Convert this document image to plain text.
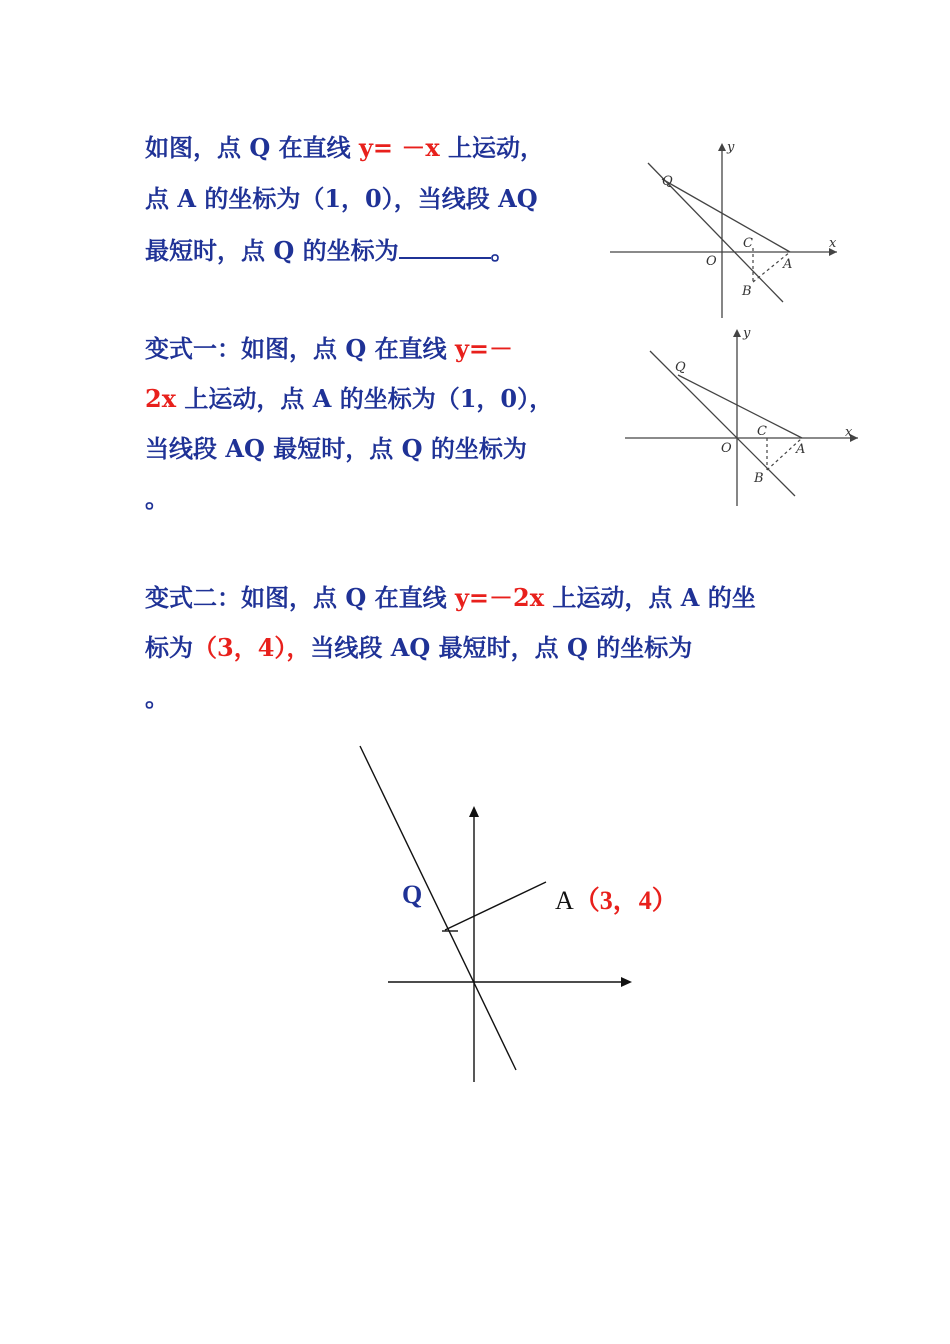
如图，点 Q 在直线 y= －x 上运动，
点 A 的坐标为（1，0），当线段 AQ
最短时，点 Q 的坐标为	。
y
x
Q
C
O	A
B
变式一：如图，点 Q 在直线 y=－
2x 上运动，点 A 的坐标为（1，0），
当线段 AQ 最短时，点 Q 的坐标为
。
y
x
Q
C
O	A
B
变式二：如图，点 Q 在直线 y=－2x 上运动，点 A 的坐
标为（3，4），当线段 AQ 最短时，点 Q 的坐标为
。
Q	A（3，4）
